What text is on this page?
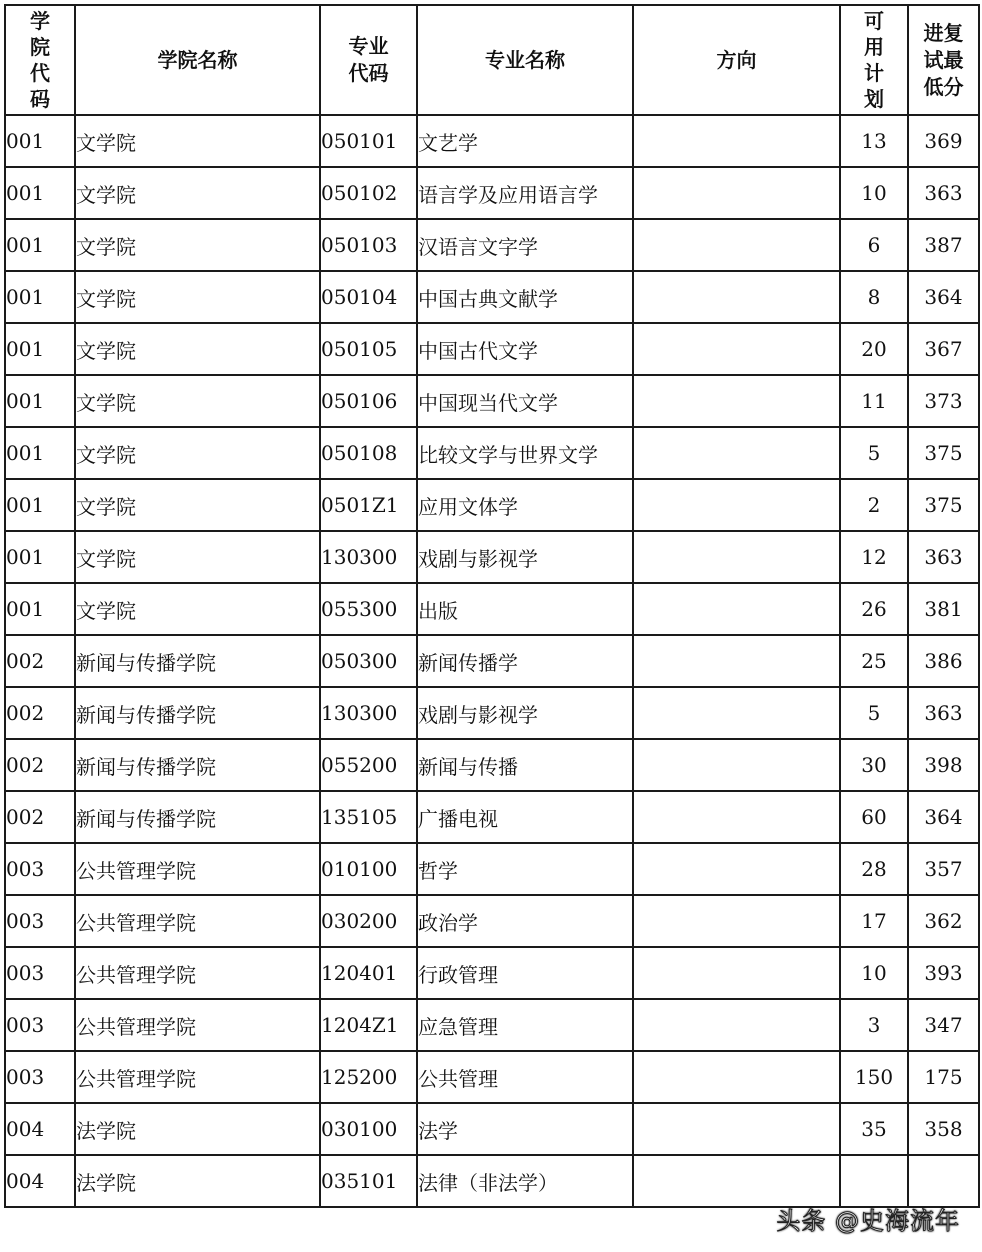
学院代码	学院名称	专业代码	专业名称	方向	可用计划	进复试最低分

001	文学院	050101	文艺学		13	369
001	文学院	050102	语言学及应用语言学		10	363
001	文学院	050103	汉语言文字学		6	387
001	文学院	050104	中国古典文献学		8	364
001	文学院	050105	中国古代文学		20	367
001	文学院	050106	中国现当代文学		11	373
001	文学院	050108	比较文学与世界文学		5	375
001	文学院	0501Z1	应用文体学		2	375
001	文学院	130300	戏剧与影视学		12	363
001	文学院	055300	出版		26	381
002	新闻与传播学院	050300	新闻传播学		25	386
002	新闻与传播学院	130300	戏剧与影视学		5	363
002	新闻与传播学院	055200	新闻与传播		30	398
002	新闻与传播学院	135105	广播电视		60	364
003	公共管理学院	010100	哲学		28	357
003	公共管理学院	030200	政治学		17	362
003	公共管理学院	120401	行政管理		10	393
003	公共管理学院	1204Z1	应急管理		3	347
003	公共管理学院	125200	公共管理		150	175
004	法学院	030100	法学		35	358
004	法学院	035101	法律（非法学）			
头条 @史海流年
